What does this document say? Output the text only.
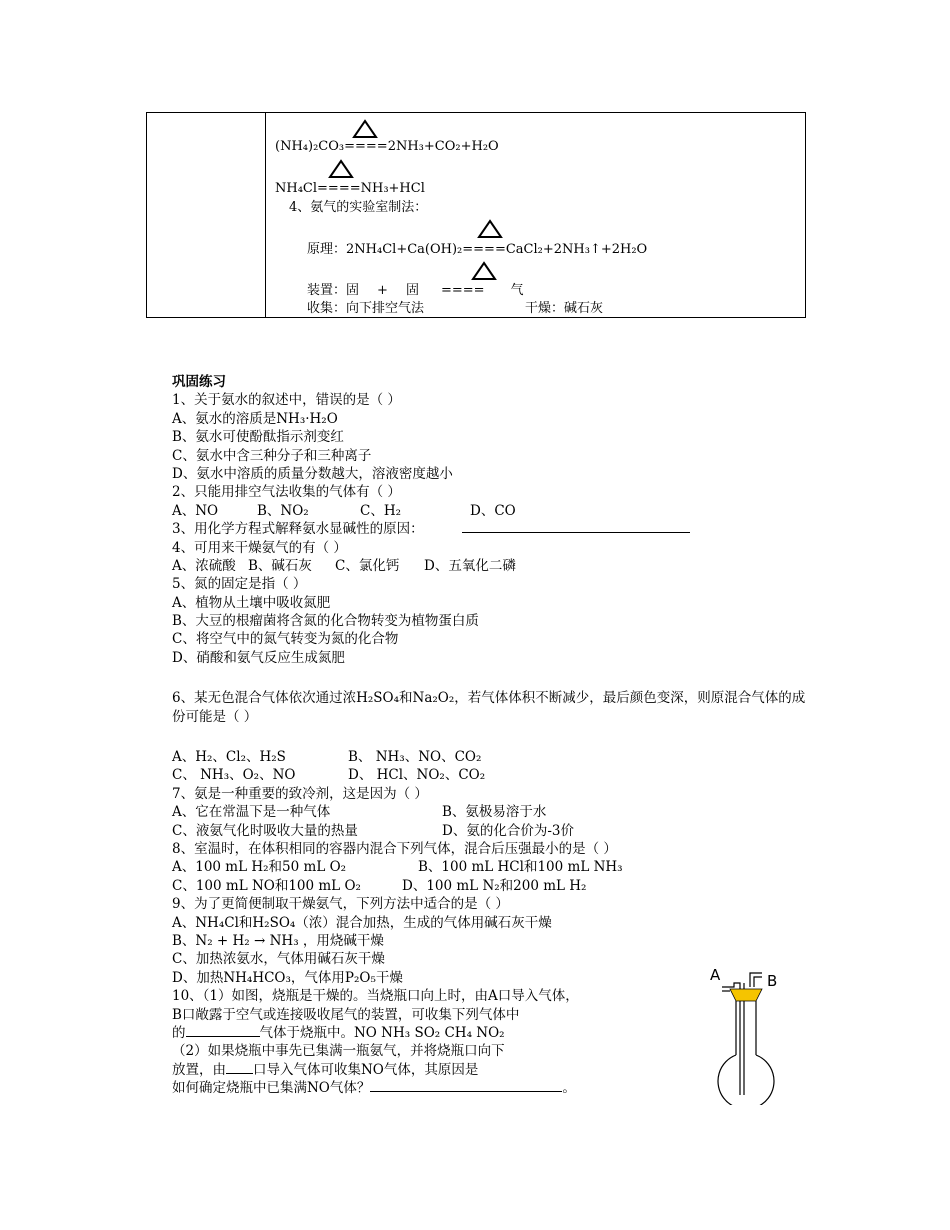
(NH₄)₂CO₃====2NH₃+CO₂+H₂O
NH₄Cl====NH₃+HCl
4、氨气的实验室制法：
原理：2NH₄Cl+Ca(OH)₂====CaCl₂+2NH₃↑+2H₂O
装置：固 + 固 ==== 气
收集：向下排空气法	干燥：碱石灰
巩固练习
1、关于氨水的叙述中，错误的是（ ）
A、氨水的溶质是NH₃·H₂O
B、氨水可使酚酞指示剂变红
C、氨水中含三种分子和三种离子
D、氨水中溶质的质量分数越大，溶液密度越小
2、只能用排空气法收集的气体有（ ）
A、NO	B、NO₂	C、H₂	D、CO
3、用化学方程式解释氨水显碱性的原因：
4、可用来干燥氨气的有（ ）
A、浓硫酸 B、碱石灰 C、氯化钙 D、五氧化二磷
5、氮的固定是指（ ）
A、植物从土壤中吸收氮肥
B、大豆的根瘤菌将含氮的化合物转变为植物蛋白质
C、将空气中的氮气转变为氮的化合物
D、硝酸和氨气反应生成氮肥
6、某无色混合气体依次通过浓H₂SO₄和Na₂O₂，若气体体积不断减少，最后颜色变深，则原混合气体的成份可能是（ ）
A、H₂、Cl₂、H₂S	B、 NH₃、NO、CO₂
C、 NH₃、O₂、NO	D、 HCl、NO₂、CO₂
7、氨是一种重要的致冷剂，这是因为（ ）
A、它在常温下是一种气体	B、氨极易溶于水
C、液氨气化时吸收大量的热量	D、氨的化合价为-3价
8、室温时，在体积相同的容器内混合下列气体，混合后压强最小的是（ ）
A、100 mL H₂和50 mL O₂	B、100 mL HCl和100 mL NH₃
C、100 mL NO和100 mL O₂	D、100 mL N₂和200 mL H₂
9、为了更简便制取干燥氨气，下列方法中适合的是（ ）
A、NH₄Cl和H₂SO₄（浓）混合加热，生成的气体用碱石灰干燥
B、N₂ + H₂ → NH₃ ，用烧碱干燥
C、加热浓氨水，气体用碱石灰干燥
D、加热NH₄HCO₃，气体用P₂O₅干燥
10、（1）如图，烧瓶是干燥的。当烧瓶口向上时，由A口导入气体，
B口敞露于空气或连接吸收尾气的装置，可收集下列气体中
的	气体于烧瓶中。NO NH₃ SO₂ CH₄ NO₂
（2）如果烧瓶中事先已集满一瓶氨气，并将烧瓶口向下
放置，由 口导入气体可收集NO气体，其原因是
如何确定烧瓶中已集满NO气体？	。
A	B
